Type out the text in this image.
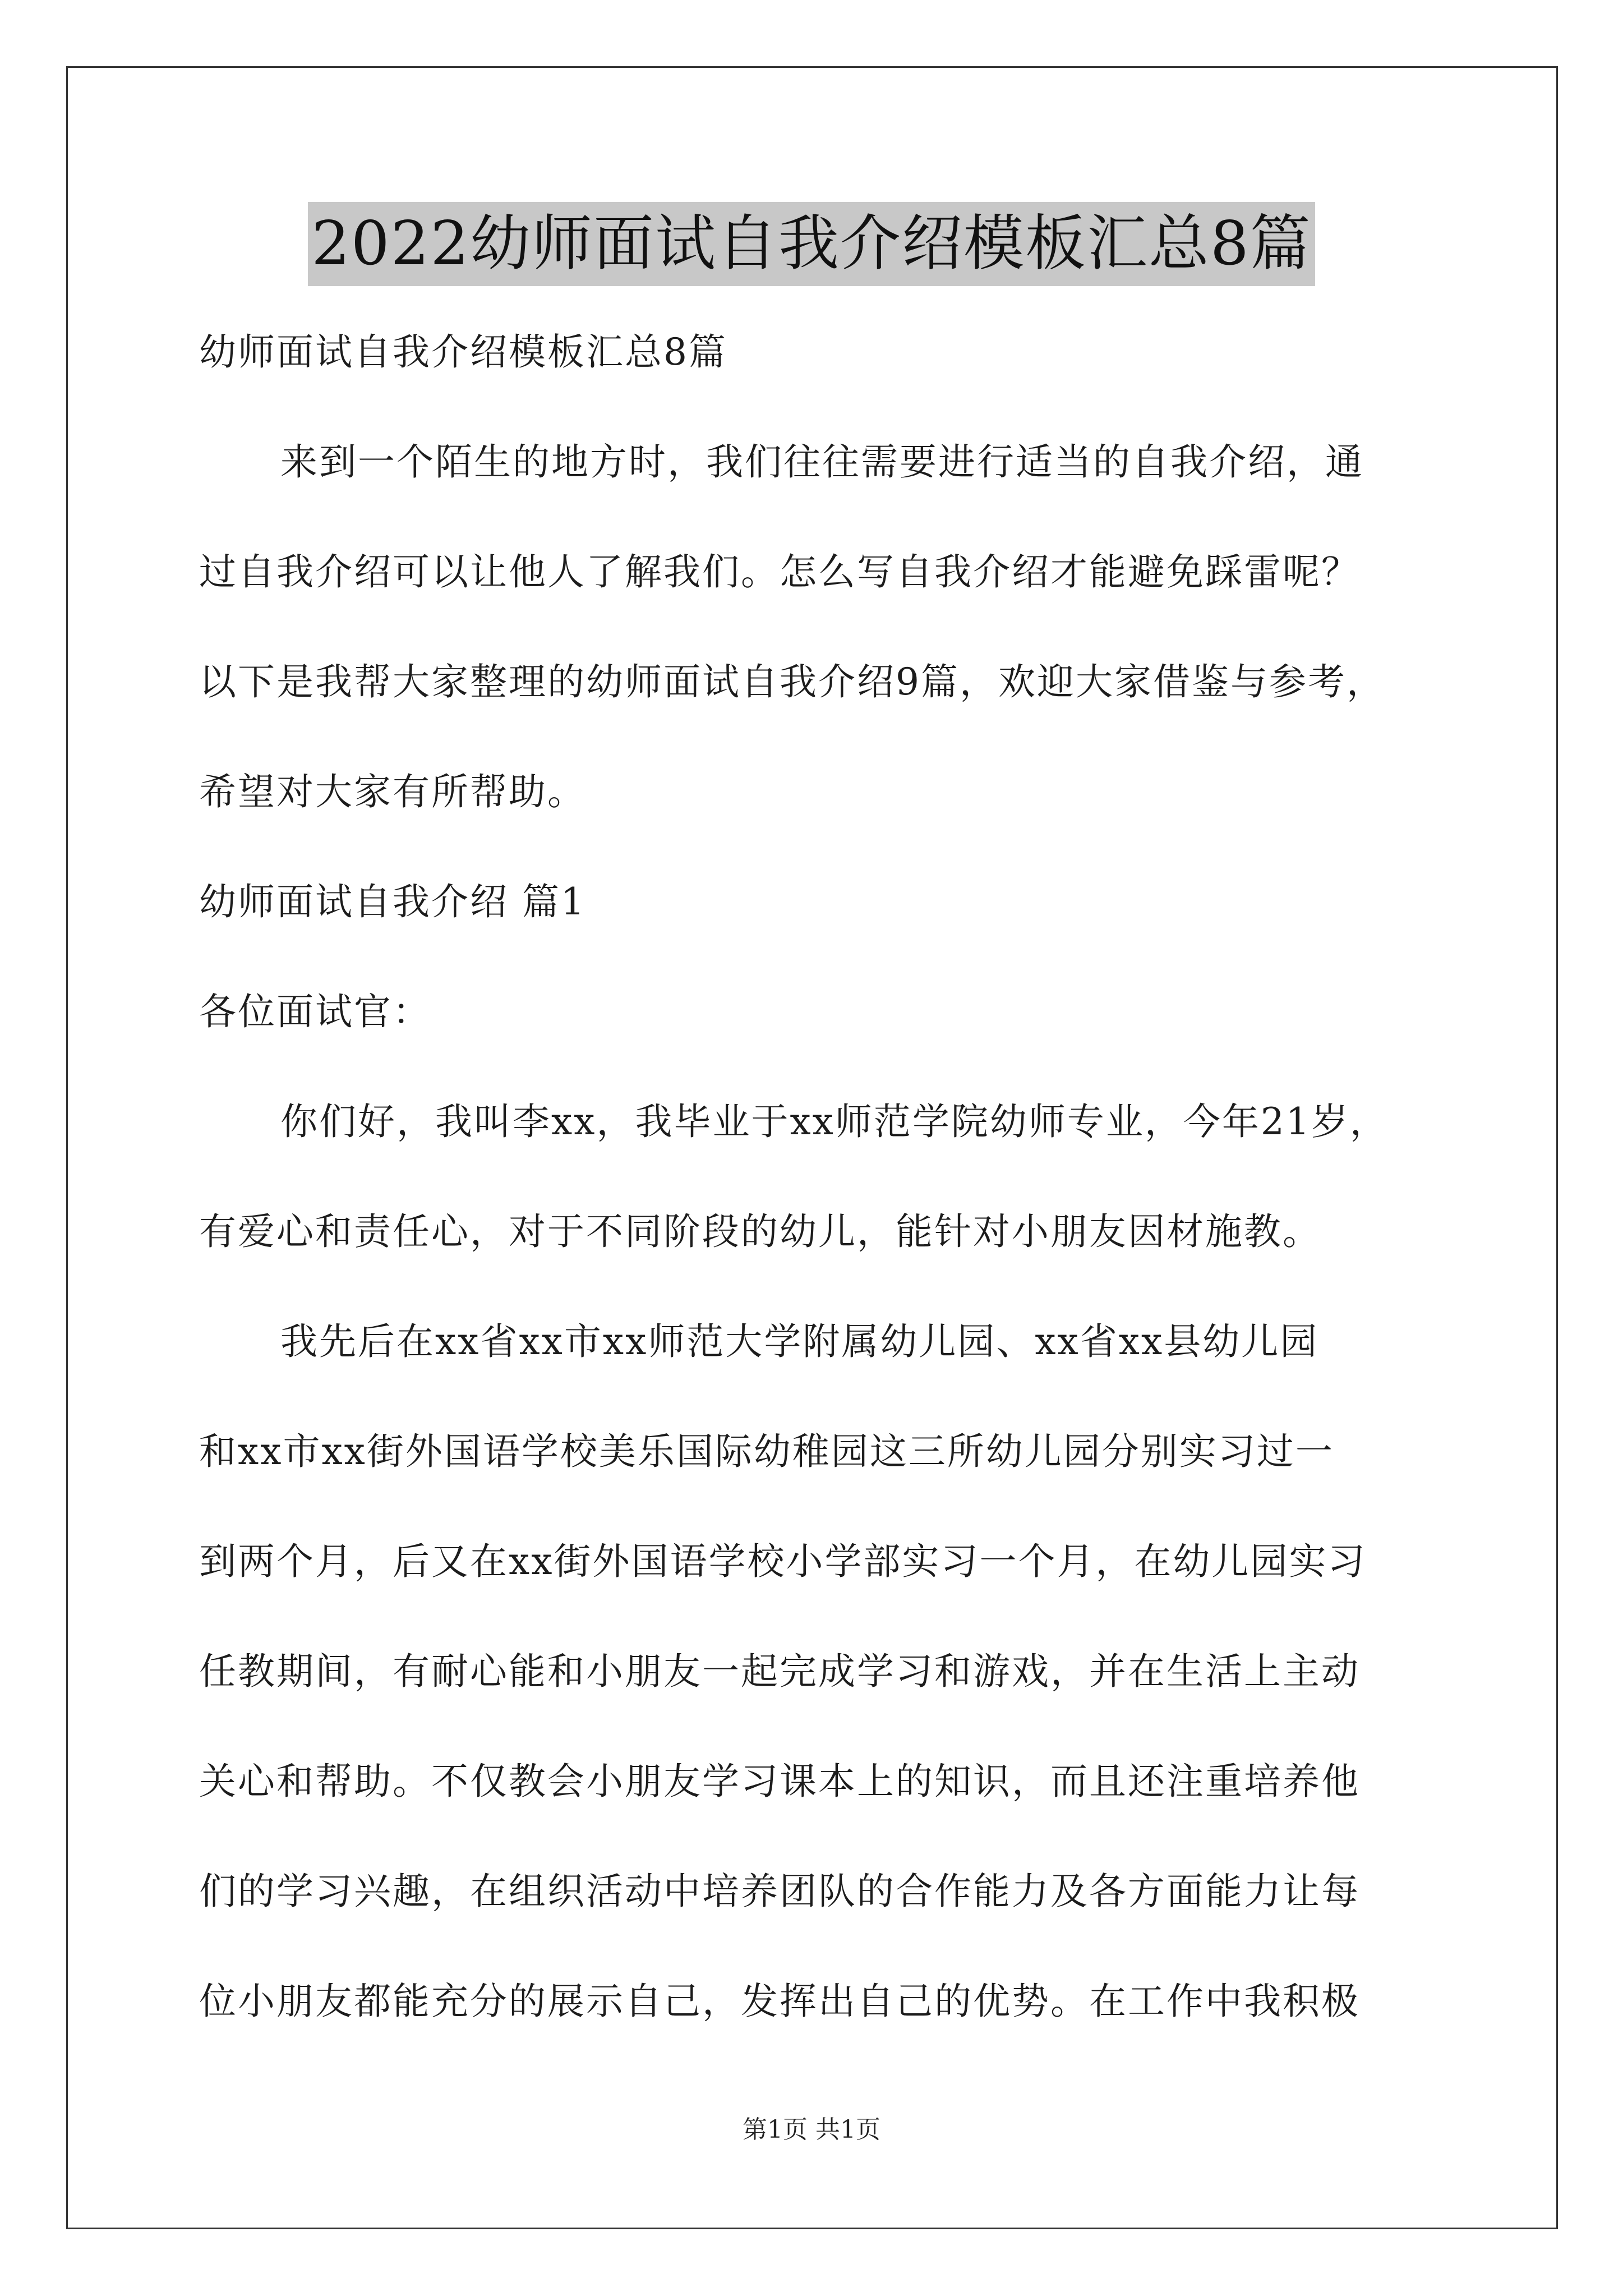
2022幼师面试自我介绍模板汇总8篇
幼师面试自我介绍模板汇总8篇
来到一个陌生的地方时，我们往往需要进行适当的自我介绍，通
过自我介绍可以让他人了解我们。怎么写自我介绍才能避免踩雷呢？
以下是我帮大家整理的幼师面试自我介绍9篇，欢迎大家借鉴与参考，
希望对大家有所帮助。
幼师面试自我介绍 篇1
各位面试官：
你们好，我叫李xx，我毕业于xx师范学院幼师专业，今年21岁，
有爱心和责任心，对于不同阶段的幼儿，能针对小朋友因材施教。
我先后在xx省xx市xx师范大学附属幼儿园、xx省xx县幼儿园
和xx市xx街外国语学校美乐国际幼稚园这三所幼儿园分别实习过一
到两个月，后又在xx街外国语学校小学部实习一个月，在幼儿园实习
任教期间，有耐心能和小朋友一起完成学习和游戏，并在生活上主动
关心和帮助。不仅教会小朋友学习课本上的知识，而且还注重培养他
们的学习兴趣，在组织活动中培养团队的合作能力及各方面能力让每
位小朋友都能充分的展示自己，发挥出自己的优势。在工作中我积极
第1页 共1页
